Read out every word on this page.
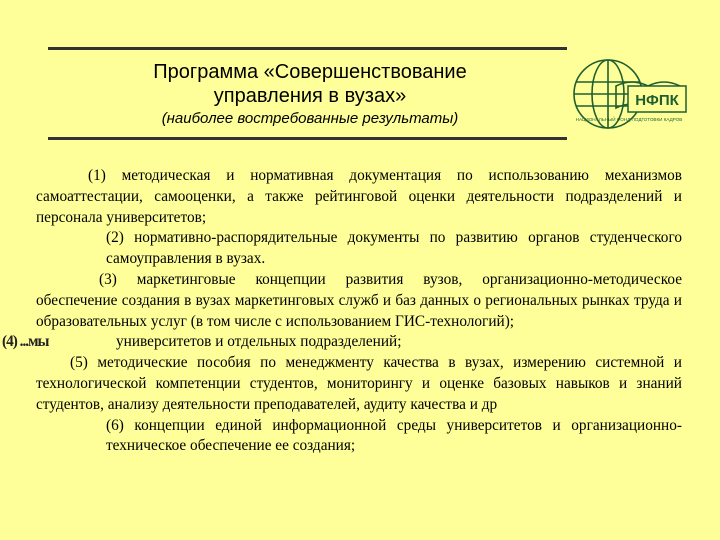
Программа «Совершенствование
управления в вузах»
(наиболее востребованные результаты)
НФПК
НАЦИОНАЛЬНЫЙ ФОНД ПОДГОТОВКИ КАДРОВ

(1) методическая и нормативная документация по использованию механизмов самоаттестации, самооценки, а также рейтинговой оценки деятельности подразделений и персонала университетов;

(2) нормативно-распорядительные документы по развитию органов студенческого самоуправления в вузах.

(3) маркетинговые концепции развития вузов, организационно-методическое обеспечение создания в вузах маркетинговых служб и баз данных о региональных рынках труда и образовательных услуг (в том числе с использованием ГИС-технологий);

(4) ...мы	университетов и отдельных подразделений;

(5) методические пособия по менеджменту качества в вузах, измерению системной и технологической компетенции студентов, мониторингу и оценке базовых навыков и знаний студентов, анализу деятельности преподавателей, аудиту качества и др

(6) концепции единой информационной среды университетов и организационно-техническое обеспечение ее создания;
